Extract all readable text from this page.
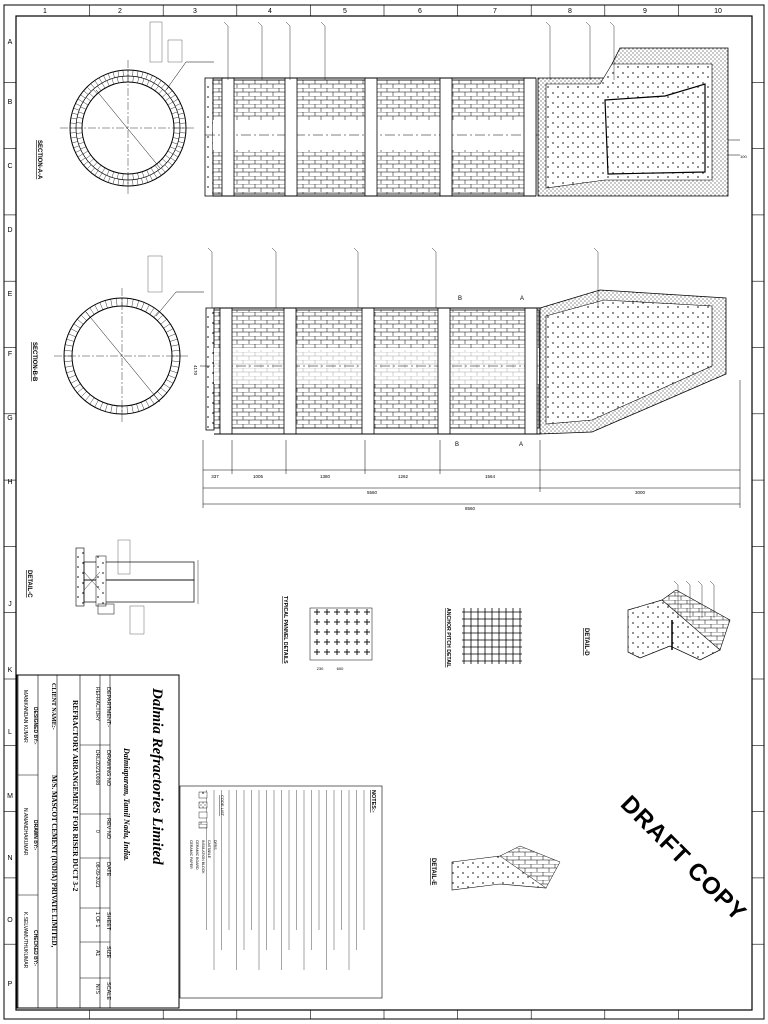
1	2	3	4	5	6	7	8	9	10
A
B
C
D
E
F
G
H
J
K
L
M
N
O
P
SECTION-A-A
SECTION-B-B
100
B	A
B	A
337	1005	1380	1262	1564
5560	3000
8560
4170
DETAIL-C
TYPICAL PANNEL DETAILS
600
230
ANCHOR PITCH DETAIL	DETAIL-D
DETAIL-E
NOTES:-
CODE LIST
DFRS
CASTABLE
INSULATION BLOCK
CERAMIC BOARD
CERAMIC PAPER
Dalmia Refractories Limited
Dalmiapuram, Tamil Nadu, India.
DEPARTMENT:-
REFRACTORY
DRAWING NO
DRL/2021/0008
REV NO
0
DATE
08-09-2021
SHEET
1 OF 1
SIZE
A1
SCALE
NTS
REFRACTORY ARRANGEMENT FOR RISER DUCT 3-2
CLIENT NAME:-
M/S. MASCOT CEMENT (INDIA) PRIVATE LIMITED,
DESIGNED BY:-
MANIKANDAN KUMAR
DRAWN BY:-
N.ANANDHAKUMAR
CHECKED BY:-
K.SELVAMUTHUKUMAR
DRAFT COPY
